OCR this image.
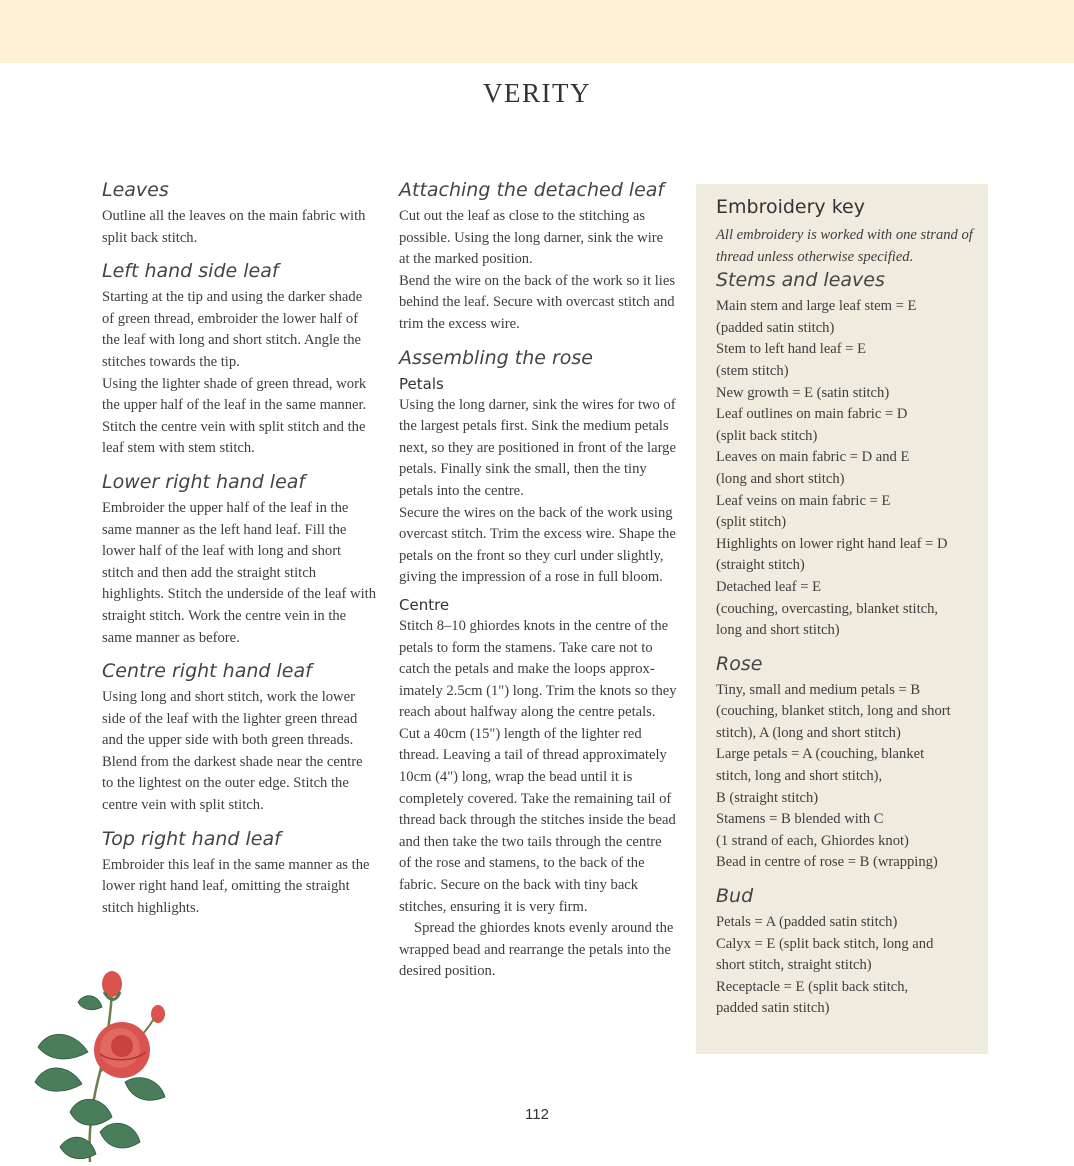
VERITY
Leaves

Outline all the leaves on the main fabric with split back stitch.

Left hand side leaf

Starting at the tip and using the darker shade of green thread, embroider the lower half of the leaf with long and short stitch. Angle the stitches towards the tip.

Using the lighter shade of green thread, work the upper half of the leaf in the same manner. Stitch the centre vein with split stitch and the leaf stem with stem stitch.

Lower right hand leaf

Embroider the upper half of the leaf in the same manner as the left hand leaf. Fill the lower half of the leaf with long and short stitch and then add the straight stitch highlights. Stitch the underside of the leaf with straight stitch. Work the centre vein in the same manner as before.

Centre right hand leaf

Using long and short stitch, work the lower side of the leaf with the lighter green thread and the upper side with both green threads. Blend from the darkest shade near the centre to the lightest on the outer edge. Stitch the centre vein with split stitch.

Top right hand leaf

Embroider this leaf in the same manner as the lower right hand leaf, omitting the straight stitch highlights.

Attaching the detached leaf

Cut out the leaf as close to the stitching as possible. Using the long darner, sink the wire at the marked position.

Bend the wire on the back of the work so it lies behind the leaf. Secure with overcast stitch and trim the excess wire.

Assembling the rose
Petals

Using the long darner, sink the wires for two of the largest petals first. Sink the medium petals next, so they are positioned in front of the large petals. Finally sink the small, then the tiny petals into the centre.

Secure the wires on the back of the work using overcast stitch. Trim the excess wire. Shape the petals on the front so they curl under slightly, giving the impression of a rose in full bloom.

Centre

Stitch 8–10 ghiordes knots in the centre of the petals to form the stamens. Take care not to catch the petals and make the loops approx-imately 2.5cm (1") long. Trim the knots so they reach about halfway along the centre petals.

Cut a 40cm (15") length of the lighter red thread. Leaving a tail of thread approximately 10cm (4") long, wrap the bead until it is completely covered. Take the remaining tail of thread back through the stitches inside the bead and then take the two tails through the centre of the rose and stamens, to the back of the fabric. Secure on the back with tiny back stitches, ensuring it is very firm.

Spread the ghiordes knots evenly around the wrapped bead and rearrange the petals into the desired position.

Embroidery key

All embroidery is worked with one strand of thread unless otherwise specified.

Stems and leaves
Main stem and large leaf stem = E
(padded satin stitch)
Stem to left hand leaf = E
(stem stitch)
New growth = E (satin stitch)
Leaf outlines on main fabric = D
(split back stitch)
Leaves on main fabric = D and E
(long and short stitch)
Leaf veins on main fabric = E
(split stitch)
Highlights on lower right hand leaf = D
(straight stitch)
Detached leaf = E
(couching, overcasting, blanket stitch,
long and short stitch)
Rose
Tiny, small and medium petals = B
(couching, blanket stitch, long and short
stitch), A (long and short stitch)
Large petals = A (couching, blanket
stitch, long and short stitch),
B (straight stitch)
Stamens = B blended with C
(1 strand of each, Ghiordes knot)
Bead in centre of rose = B (wrapping)
Bud
Petals = A (padded satin stitch)
Calyx = E (split back stitch, long and
short stitch, straight stitch)
Receptacle = E (split back stitch,
padded satin stitch)
112
